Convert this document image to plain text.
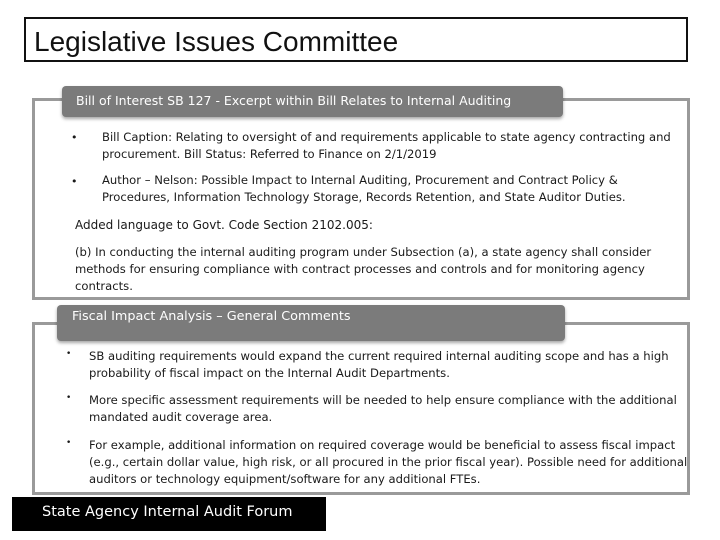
Legislative Issues Committee
Bill of Interest SB 127 - Excerpt within Bill Relates to Internal Auditing
• Bill Caption: Relating to oversight of and requirements applicable to state agency contracting and
procurement. Bill Status: Referred to Finance on 2/1/2019
• Author – Nelson: Possible Impact to Internal Auditing, Procurement and Contract Policy &
Procedures, Information Technology Storage, Records Retention, and State Auditor Duties.
Added language to Govt. Code Section 2102.005:
(b) In conducting the internal auditing program under Subsection (a), a state agency shall consider
methods for ensuring compliance with contract processes and controls and for monitoring agency
contracts.
Fiscal Impact Analysis – General Comments
• SB auditing requirements would expand the current required internal auditing scope and has a high
probability of fiscal impact on the Internal Audit Departments.
• More specific assessment requirements will be needed to help ensure compliance with the additional
mandated audit coverage area.
• For example, additional information on required coverage would be beneficial to assess fiscal impact
(e.g., certain dollar value, high risk, or all procured in the prior fiscal year). Possible need for additional
auditors or technology equipment/software for any additional FTEs.
State Agency Internal Audit Forum
